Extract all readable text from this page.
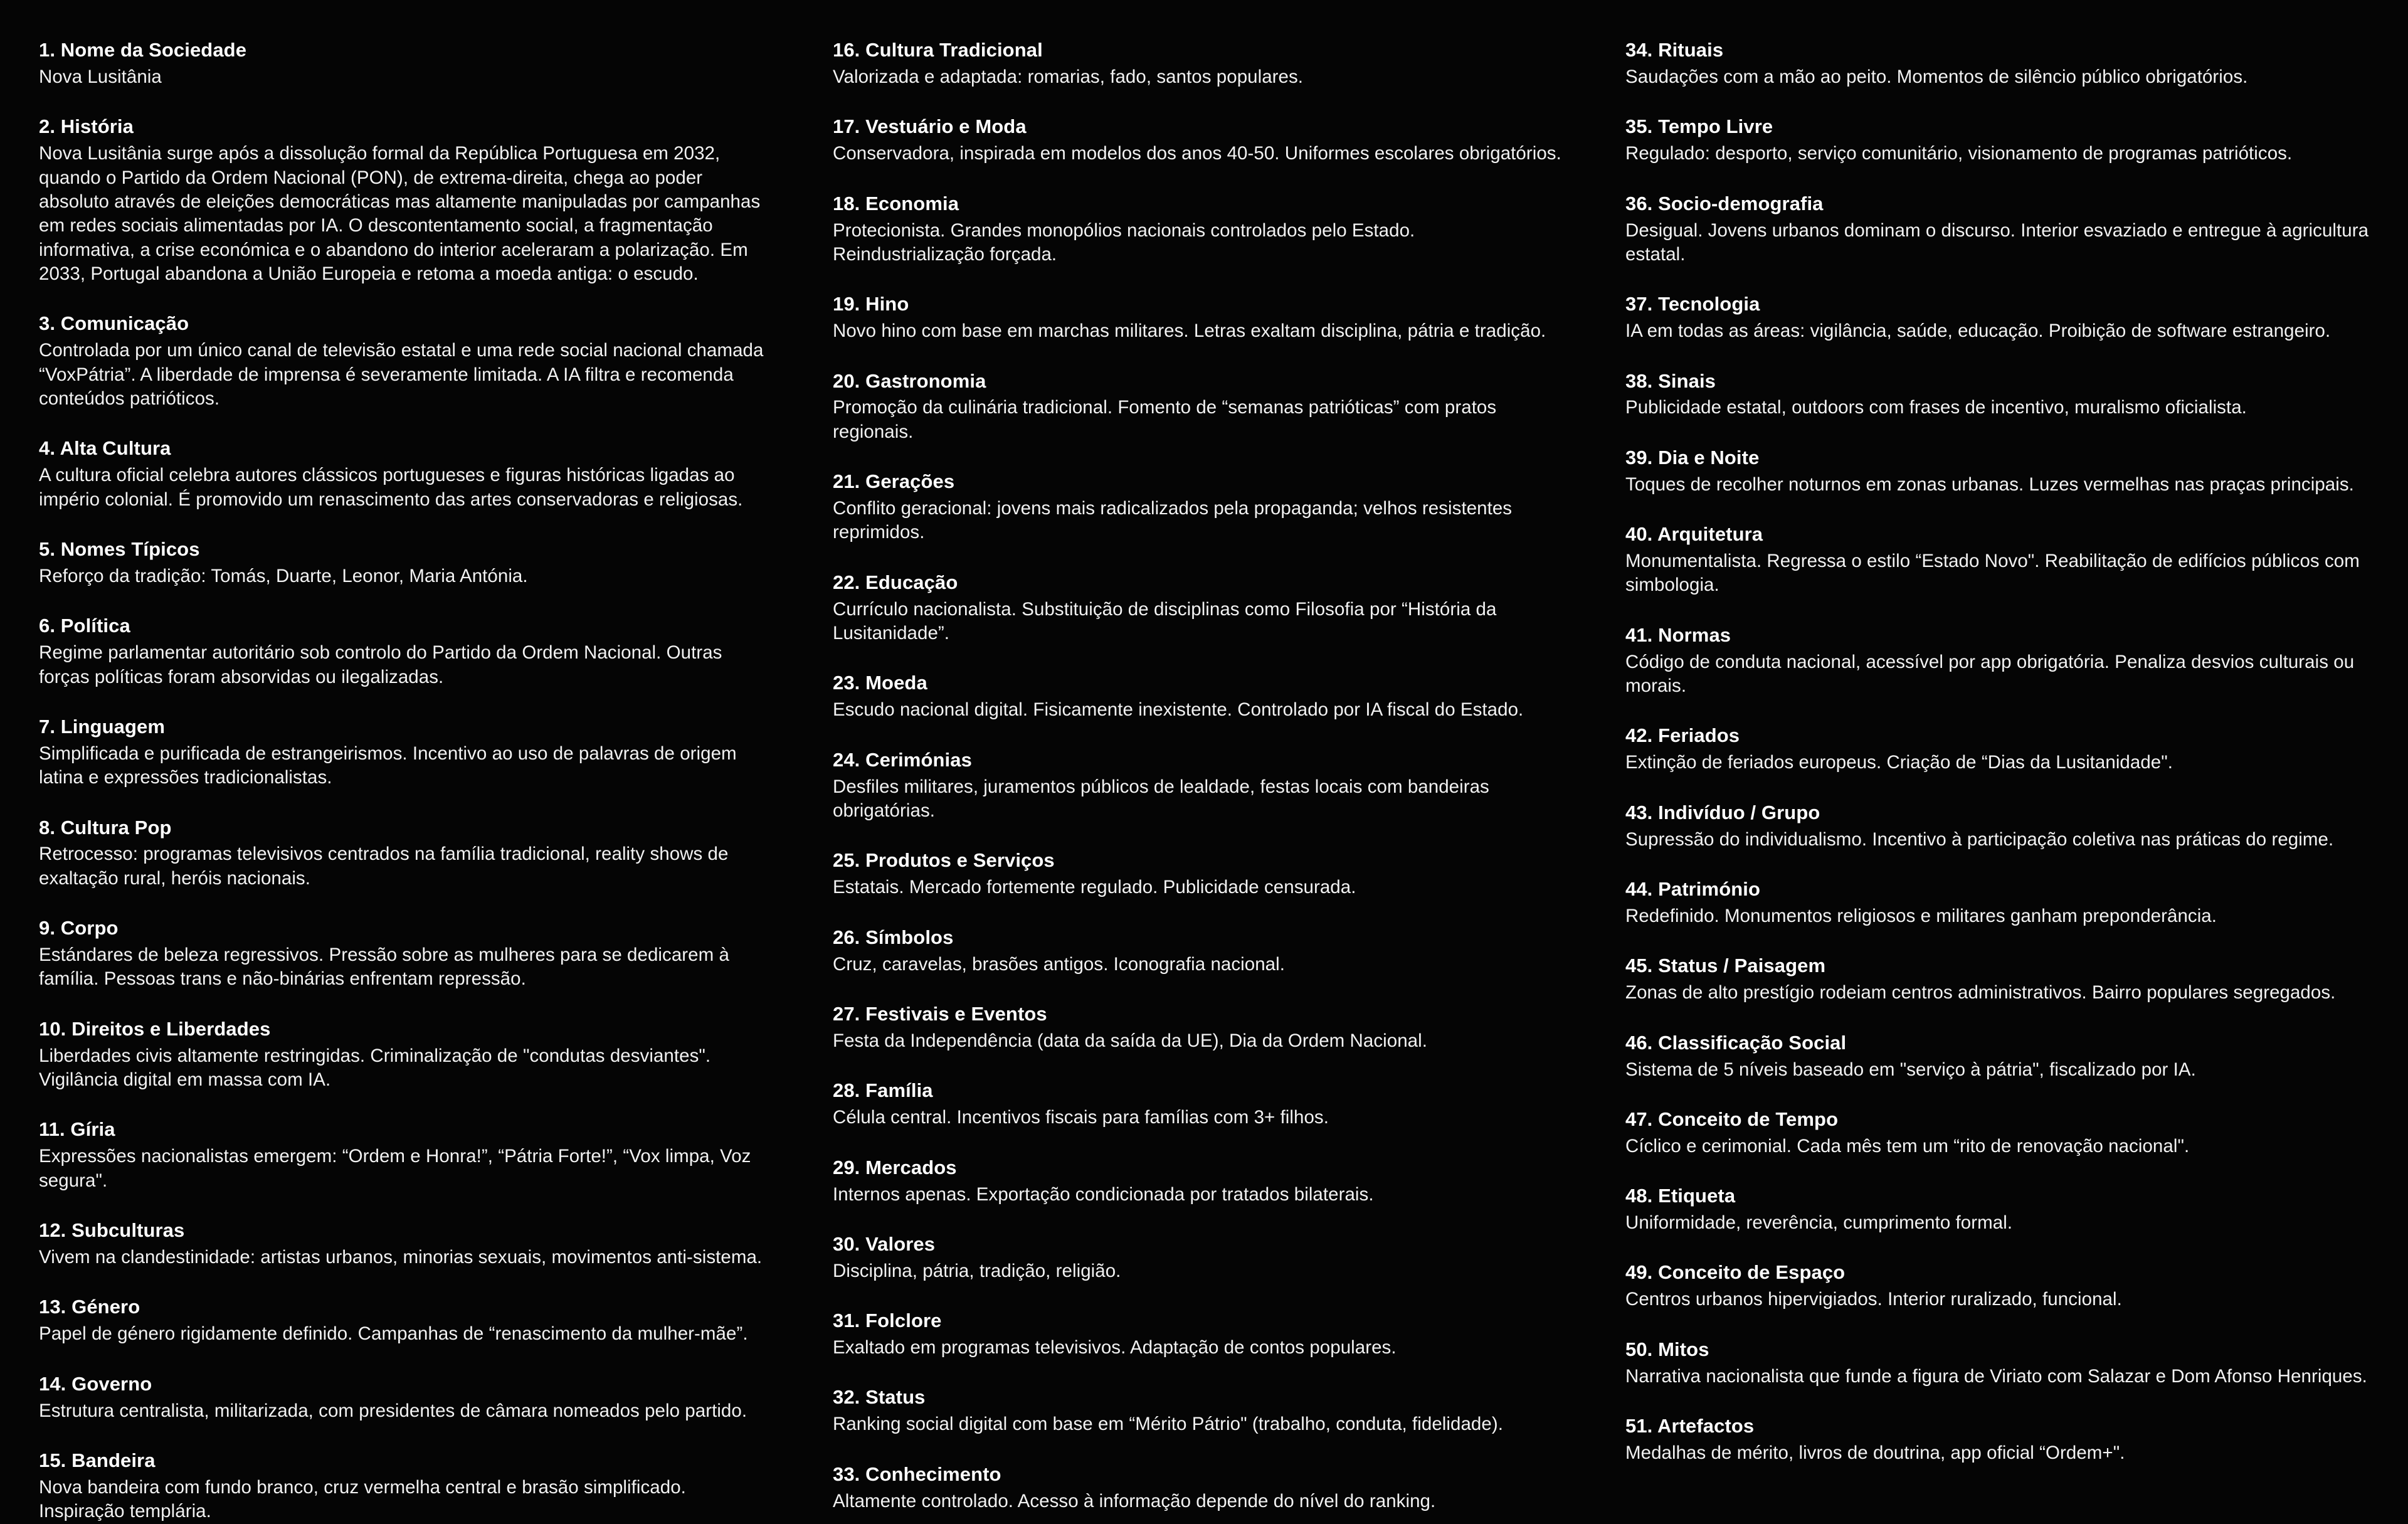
1. Nome da Sociedade
Nova Lusitânia
2. História
Nova Lusitânia surge após a dissolução formal da República Portuguesa em 2032, quando o Partido da Ordem Nacional (PON), de extrema-direita, chega ao poder absoluto através de eleições democráticas mas altamente manipuladas por campanhas em redes sociais alimentadas por IA. O descontentamento social, a fragmentação informativa, a crise económica e o abandono do interior aceleraram a polarização. Em 2033, Portugal abandona a União Europeia e retoma a moeda antiga: o escudo.
3. Comunicação
Controlada por um único canal de televisão estatal e uma rede social nacional chamada “VoxPátria”. A liberdade de imprensa é severamente limitada. A IA filtra e recomenda conteúdos patrióticos.
4. Alta Cultura
A cultura oficial celebra autores clássicos portugueses e figuras históricas ligadas ao império colonial. É promovido um renascimento das artes conservadoras e religiosas.
5. Nomes Típicos
Reforço da tradição: Tomás, Duarte, Leonor, Maria Antónia.
6. Política
Regime parlamentar autoritário sob controlo do Partido da Ordem Nacional. Outras forças políticas foram absorvidas ou ilegalizadas.
7. Linguagem
Simplificada e purificada de estrangeirismos. Incentivo ao uso de palavras de origem latina e expressões tradicionalistas.
8. Cultura Pop
Retrocesso: programas televisivos centrados na família tradicional, reality shows de exaltação rural, heróis nacionais.
9. Corpo
Estándares de beleza regressivos. Pressão sobre as mulheres para se dedicarem à família. Pessoas trans e não-binárias enfrentam repressão.
10. Direitos e Liberdades
Liberdades civis altamente restringidas. Criminalização de "condutas desviantes". Vigilância digital em massa com IA.
11. Gíria
Expressões nacionalistas emergem: “Ordem e Honra!”, “Pátria Forte!”, “Vox limpa, Voz segura".
12. Subculturas
Vivem na clandestinidade: artistas urbanos, minorias sexuais, movimentos anti-sistema.
13. Género
Papel de género rigidamente definido. Campanhas de “renascimento da mulher-mãe”.
14. Governo
Estrutura centralista, militarizada, com presidentes de câmara nomeados pelo partido.
15. Bandeira
Nova bandeira com fundo branco, cruz vermelha central e brasão simplificado. Inspiração templária.
16. Cultura Tradicional
Valorizada e adaptada: romarias, fado, santos populares.
17. Vestuário e Moda
Conservadora, inspirada em modelos dos anos 40-50. Uniformes escolares obrigatórios.
18. Economia
Protecionista. Grandes monopólios nacionais controlados pelo Estado. Reindustrialização forçada.
19. Hino
Novo hino com base em marchas militares. Letras exaltam disciplina, pátria e tradição.
20. Gastronomia
Promoção da culinária tradicional. Fomento de “semanas patrióticas” com pratos regionais.
21. Gerações
Conflito geracional: jovens mais radicalizados pela propaganda; velhos resistentes reprimidos.
22. Educação
Currículo nacionalista. Substituição de disciplinas como Filosofia por “História da Lusitanidade”.
23. Moeda
Escudo nacional digital. Fisicamente inexistente. Controlado por IA fiscal do Estado.
24. Cerimónias
Desfiles militares, juramentos públicos de lealdade, festas locais com bandeiras obrigatórias.
25. Produtos e Serviços
Estatais. Mercado fortemente regulado. Publicidade censurada.
26. Símbolos
Cruz, caravelas, brasões antigos. Iconografia nacional.
27. Festivais e Eventos
Festa da Independência (data da saída da UE), Dia da Ordem Nacional.
28. Família
Célula central. Incentivos fiscais para famílias com 3+ filhos.
29. Mercados
Internos apenas. Exportação condicionada por tratados bilaterais.
30. Valores
Disciplina, pátria, tradição, religião.
31. Folclore
Exaltado em programas televisivos. Adaptação de contos populares.
32. Status
Ranking social digital com base em “Mérito Pátrio" (trabalho, conduta, fidelidade).
33. Conhecimento
Altamente controlado. Acesso à informação depende do nível do ranking.
34. Rituais
Saudações com a mão ao peito. Momentos de silêncio público obrigatórios.
35. Tempo Livre
Regulado: desporto, serviço comunitário, visionamento de programas patrióticos.
36. Socio-demografia
Desigual. Jovens urbanos dominam o discurso. Interior esvaziado e entregue à agricultura estatal.
37. Tecnologia
IA em todas as áreas: vigilância, saúde, educação. Proibição de software estrangeiro.
38. Sinais
Publicidade estatal, outdoors com frases de incentivo, muralismo oficialista.
39. Dia e Noite
Toques de recolher noturnos em zonas urbanas. Luzes vermelhas nas praças principais.
40. Arquitetura
Monumentalista. Regressa o estilo “Estado Novo". Reabilitação de edifícios públicos com simbologia.
41. Normas
Código de conduta nacional, acessível por app obrigatória. Penaliza desvios culturais ou morais.
42. Feriados
Extinção de feriados europeus. Criação de “Dias da Lusitanidade".
43. Indivíduo / Grupo
Supressão do individualismo. Incentivo à participação coletiva nas práticas do regime.
44. Património
Redefinido. Monumentos religiosos e militares ganham preponderância.
45. Status / Paisagem
Zonas de alto prestígio rodeiam centros administrativos. Bairro populares segregados.
46. Classificação Social
Sistema de 5 níveis baseado em "serviço à pátria", fiscalizado por IA.
47. Conceito de Tempo
Cíclico e cerimonial. Cada mês tem um “rito de renovação nacional".
48. Etiqueta
Uniformidade, reverência, cumprimento formal.
49. Conceito de Espaço
Centros urbanos hipervigiados. Interior ruralizado, funcional.
50. Mitos
Narrativa nacionalista que funde a figura de Viriato com Salazar e Dom Afonso Henriques.
51. Artefactos
Medalhas de mérito, livros de doutrina, app oficial “Ordem+".
